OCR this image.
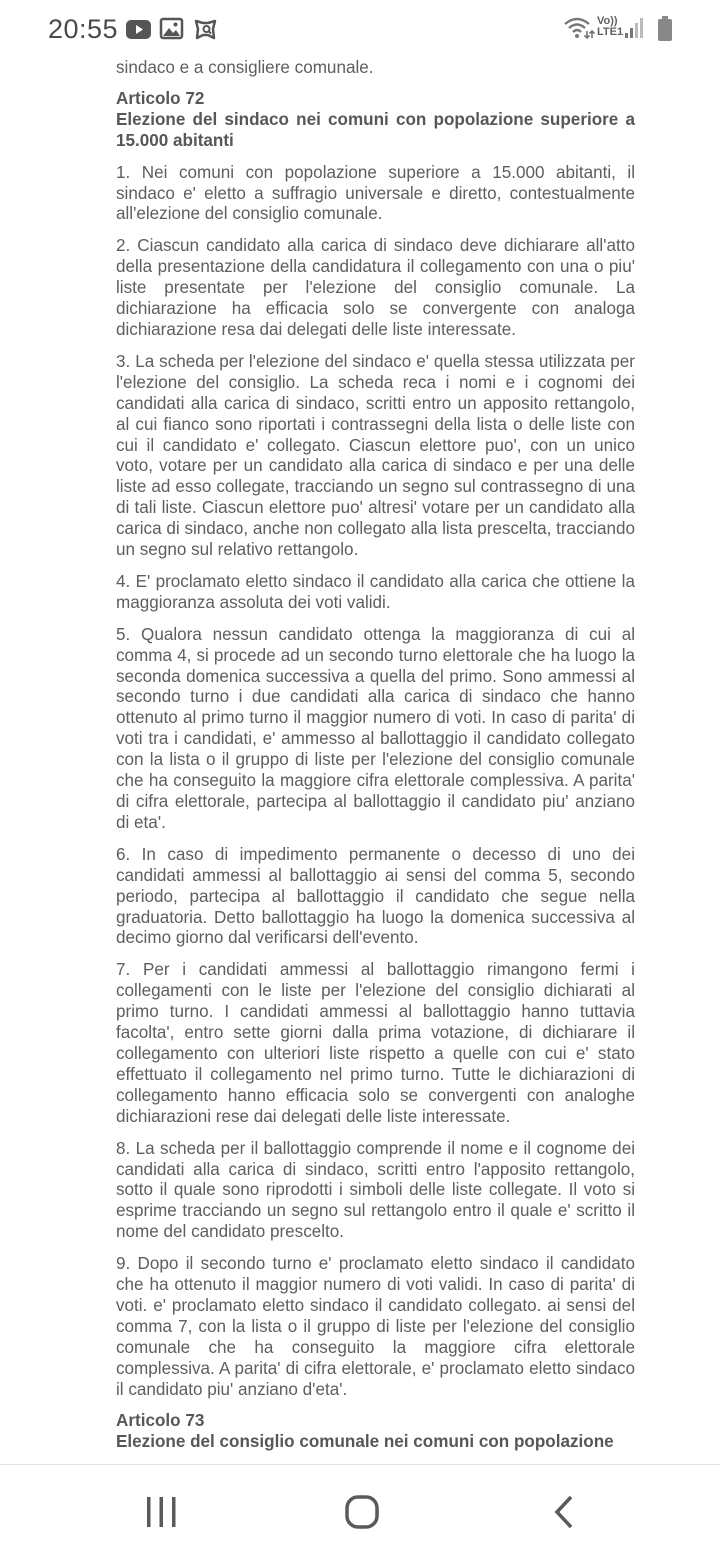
20:55	Vo))
LTE1

sindaco e a consigliere comunale.

Articolo 72

Elezione del sindaco nei comuni con popolazione superiore a 15.000 abitanti

1. Nei comuni con popolazione superiore a 15.000 abitanti, il sindaco e' eletto a suffragio universale e diretto, contestualmente all'elezione del consiglio comunale.

2. Ciascun candidato alla carica di sindaco deve dichiarare all'atto della presentazione della candidatura il collegamento con una o piu' liste presentate per l'elezione del consiglio comunale. La dichiarazione ha efficacia solo se convergente con analoga dichiarazione resa dai delegati delle liste interessate.

3. La scheda per l'elezione del sindaco e' quella stessa utilizzata per l'elezione del consiglio. La scheda reca i nomi e i cognomi dei candidati alla carica di sindaco, scritti entro un apposito rettangolo, al cui fianco sono riportati i contrassegni della lista o delle liste con cui il candidato e' collegato. Ciascun elettore puo', con un unico voto, votare per un candidato alla carica di sindaco e per una delle liste ad esso collegate, tracciando un segno sul contrassegno di una di tali liste. Ciascun elettore puo' altresi' votare per un candidato alla carica di sindaco, anche non collegato alla lista prescelta, tracciando un segno sul relativo rettangolo.

4. E' proclamato eletto sindaco il candidato alla carica che ottiene la maggioranza assoluta dei voti validi.

5. Qualora nessun candidato ottenga la maggioranza di cui al comma 4, si procede ad un secondo turno elettorale che ha luogo la seconda domenica successiva a quella del primo. Sono ammessi al secondo turno i due candidati alla carica di sindaco che hanno ottenuto al primo turno il maggior numero di voti. In caso di parita' di voti tra i candidati, e' ammesso al ballottaggio il candidato collegato con la lista o il gruppo di liste per l'elezione del consiglio comunale che ha conseguito la maggiore cifra elettorale complessiva. A parita' di cifra elettorale, partecipa al ballottaggio il candidato piu' anziano di eta'.

6. In caso di impedimento permanente o decesso di uno dei candidati ammessi al ballottaggio ai sensi del comma 5, secondo periodo, partecipa al ballottaggio il candidato che segue nella graduatoria. Detto ballottaggio ha luogo la domenica successiva al decimo giorno dal verificarsi dell'evento.

7. Per i candidati ammessi al ballottaggio rimangono fermi i collegamenti con le liste per l'elezione del consiglio dichiarati al primo turno. I candidati ammessi al ballottaggio hanno tuttavia facolta', entro sette giorni dalla prima votazione, di dichiarare il collegamento con ulteriori liste rispetto a quelle con cui e' stato effettuato il collegamento nel primo turno. Tutte le dichiarazioni di collegamento hanno efficacia solo se convergenti con analoghe dichiarazioni rese dai delegati delle liste interessate.

8. La scheda per il ballottaggio comprende il nome e il cognome dei candidati alla carica di sindaco, scritti entro l'apposito rettangolo, sotto il quale sono riprodotti i simboli delle liste collegate. Il voto si esprime tracciando un segno sul rettangolo entro il quale e' scritto il nome del candidato prescelto.

9. Dopo il secondo turno e' proclamato eletto sindaco il candidato che ha ottenuto il maggior numero di voti validi. In caso di parita' di voti. e' proclamato eletto sindaco il candidato collegato. ai sensi del comma 7, con la lista o il gruppo di liste per l'elezione del consiglio comunale che ha conseguito la maggiore cifra elettorale complessiva. A parita' di cifra elettorale, e' proclamato eletto sindaco il candidato piu' anziano d'eta'.

Articolo 73

Elezione del consiglio comunale nei comuni con popolazione
